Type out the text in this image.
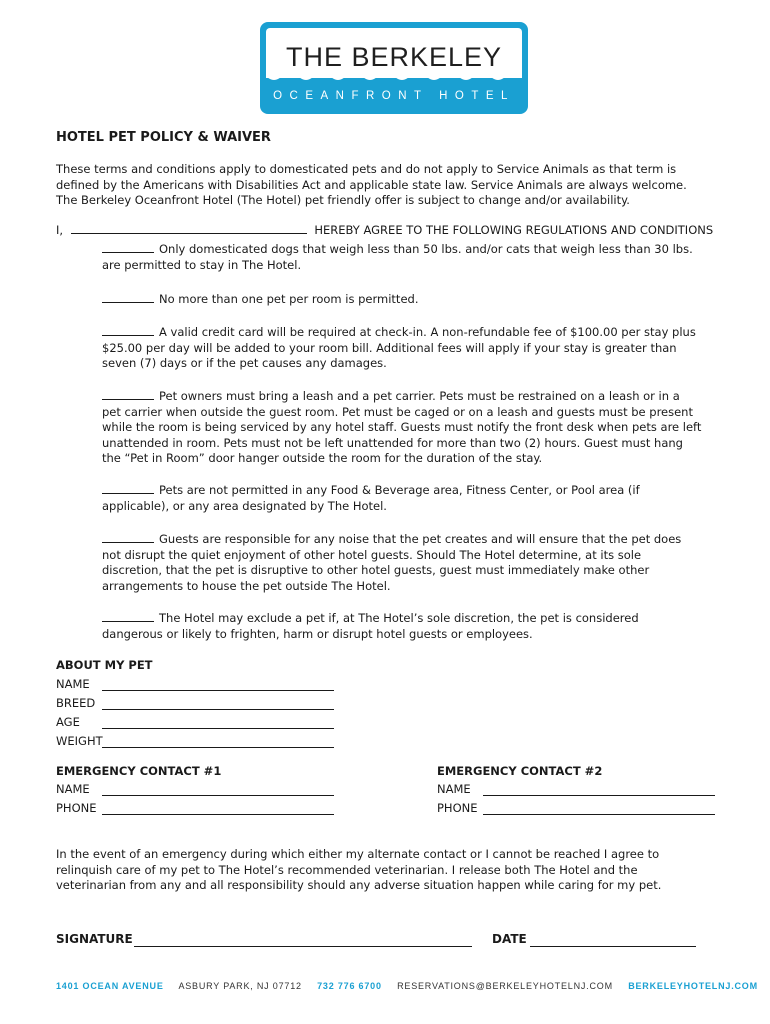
THE BERKELEY
OCEANFRONT HOTEL
HOTEL PET POLICY & WAIVER
These terms and conditions apply to domesticated pets and do not apply to Service Animals as that term is defined by the Americans with Disabilities Act and applicable state law. Service Animals are always welcome. The Berkeley Oceanfront Hotel (The Hotel) pet friendly offer is subject to change and/or availability.
I,	HEREBY AGREE TO THE FOLLOWING REGULATIONS AND CONDITIONS
Only domesticated dogs that weigh less than 50 lbs. and/or cats that weigh less than 30 lbs. are permitted to stay in The Hotel.
No more than one pet per room is permitted.
A valid credit card will be required at check-in. A non-refundable fee of $100.00 per stay plus $25.00 per day will be added to your room bill. Additional fees will apply if your stay is greater than seven (7) days or if the pet causes any damages.
Pet owners must bring a leash and a pet carrier. Pets must be restrained on a leash or in a pet carrier when outside the guest room. Pet must be caged or on a leash and guests must be present while the room is being serviced by any hotel staff. Guests must notify the front desk when pets are left unattended in room. Pets must not be left unattended for more than two (2) hours. Guest must hang the “Pet in Room” door hanger outside the room for the duration of the stay.
Pets are not permitted in any Food & Beverage area, Fitness Center, or Pool area (if applicable), or any area designated by The Hotel.
Guests are responsible for any noise that the pet creates and will ensure that the pet does not disrupt the quiet enjoyment of other hotel guests. Should The Hotel determine, at its sole discretion, that the pet is disruptive to other hotel guests, guest must immediately make other arrangements to house the pet outside The Hotel.
The Hotel may exclude a pet if, at The Hotel’s sole discretion, the pet is considered dangerous or likely to frighten, harm or disrupt hotel guests or employees.
ABOUT MY PET
NAME
BREED
AGE
WEIGHT
EMERGENCY CONTACT #1
NAME
PHONE
EMERGENCY CONTACT #2
NAME
PHONE
In the event of an emergency during which either my alternate contact or I cannot be reached I agree to relinquish care of my pet to The Hotel’s recommended veterinarian. I release both The Hotel and the veterinarian from any and all responsibility should any adverse situation happen while caring for my pet.
SIGNATURE	DATE
1401 OCEAN AVENUE ASBURY PARK, NJ 07712 732 776 6700 RESERVATIONS@BERKELEYHOTELNJ.COM BERKELEYHOTELNJ.COM
